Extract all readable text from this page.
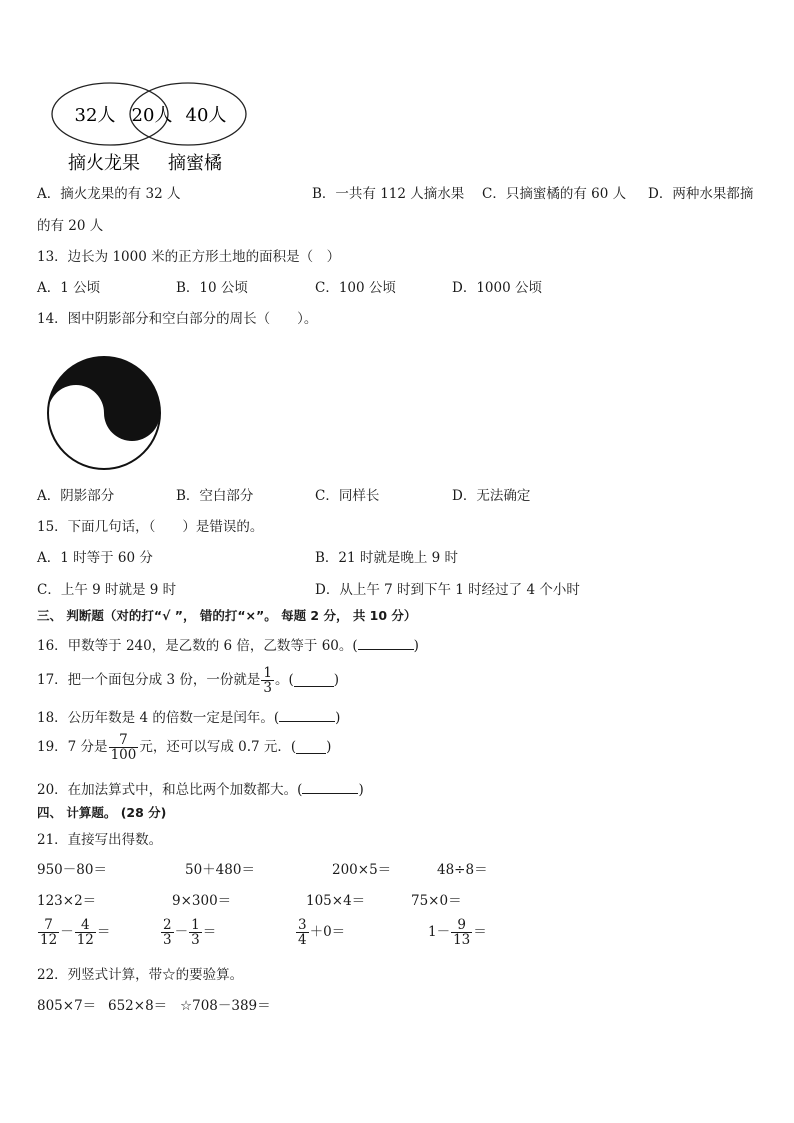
32人 20人 40人
摘火龙果 摘蜜橘
A．摘火龙果的有 32 人	B．一共有 112 人摘水果 C．只摘蜜橘的有 60 人 D．两种水果都摘
的有 20 人
13．边长为 1000 米的正方形土地的面积是（　）
A．1 公顷	B．10 公顷	C．100 公顷	D．1000 公顷
14．图中阴影部分和空白部分的周长（　　）。
A．阴影部分	B．空白部分	C．同样长	D．无法确定
15．下面几句话，（　　）是错误的。
A．1 时等于 60 分	B．21 时就是晚上 9 时
C．上午 9 时就是 9 时	D．从上午 7 时到下午 1 时经过了 4 个小时
三、 判断题（对的打“√ ”， 错的打“×”。 每题 2 分， 共 10 分）
16．甲数等于 240，是乙数的 6 倍，乙数等于 60。(	)
17．把一个面包分成 3 份，一份就是 $\frac{1}{3}$ 。(	)
18．公历年数是 4 的倍数一定是闰年。(	)
19．7 分是 $\frac{7}{100}$ 元，还可以写成 0.7 元．( )
20．在加法算式中，和总比两个加数都大。(	)
四、 计算题。 (28 分)
21．直接写出得数。
950－80＝	50＋480＝	200×5＝	48÷8＝
123×2＝	9×300＝	105×4＝	75×0＝
$\frac{7}{12} - \frac{4}{12}$ ＝	$\frac{2}{3} - \frac{1}{3}$ ＝	$\frac{3}{4} +0=$	$1- \frac{9}{13}$ ＝
22．列竖式计算，带☆的要验算。
805×7＝ 652×8＝ ☆708－389＝
